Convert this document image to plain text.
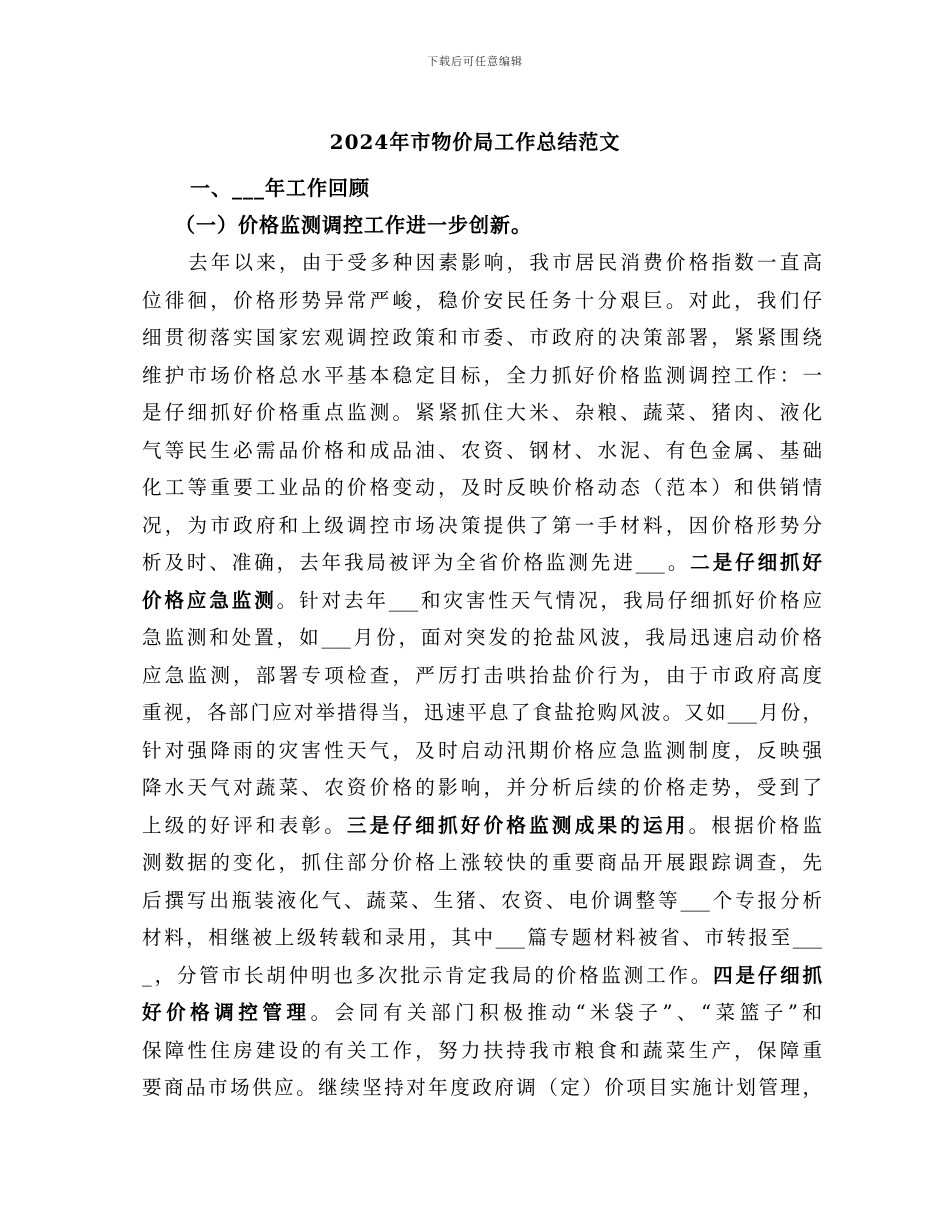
下载后可任意编辑
2024年市物价局工作总结范文
一、___年工作回顾
（一）价格监测调控工作进一步创新。
去年以来，由于受多种因素影响，我市居民消费价格指数一直高
位徘徊，价格形势异常严峻，稳价安民任务十分艰巨。对此，我们仔
细贯彻落实国家宏观调控政策和市委、市政府的决策部署，紧紧围绕
维护市场价格总水平基本稳定目标，全力抓好价格监测调控工作：一
是仔细抓好价格重点监测。紧紧抓住大米、杂粮、蔬菜、猪肉、液化
气等民生必需品价格和成品油、农资、钢材、水泥、有色金属、基础
化工等重要工业品的价格变动，及时反映价格动态（范本）和供销情
况，为市政府和上级调控市场决策提供了第一手材料，因价格形势分
析及时、准确，去年我局被评为全省价格监测先进___。二是仔细抓好
价格应急监测。针对去年___和灾害性天气情况，我局仔细抓好价格应
急监测和处置，如___月份，面对突发的抢盐风波，我局迅速启动价格
应急监测，部署专项检查，严厉打击哄抬盐价行为，由于市政府高度
重视，各部门应对举措得当，迅速平息了食盐抢购风波。又如___月份，
针对强降雨的灾害性天气，及时启动汛期价格应急监测制度，反映强
降水天气对蔬菜、农资价格的影响，并分析后续的价格走势，受到了
上级的好评和表彰。三是仔细抓好价格监测成果的运用。根据价格监
测数据的变化，抓住部分价格上涨较快的重要商品开展跟踪调查，先
后撰写出瓶装液化气、蔬菜、生猪、农资、电价调整等___个专报分析
材料，相继被上级转载和录用，其中___篇专题材料被省、市转报至___
_，分管市长胡仲明也多次批示肯定我局的价格监测工作。四是仔细抓
好价格调控管理。会同有关部门积极推动“米袋子”、“菜篮子”和
保障性住房建设的有关工作，努力扶持我市粮食和蔬菜生产，保障重
要商品市场供应。继续坚持对年度政府调（定）价项目实施计划管理，
